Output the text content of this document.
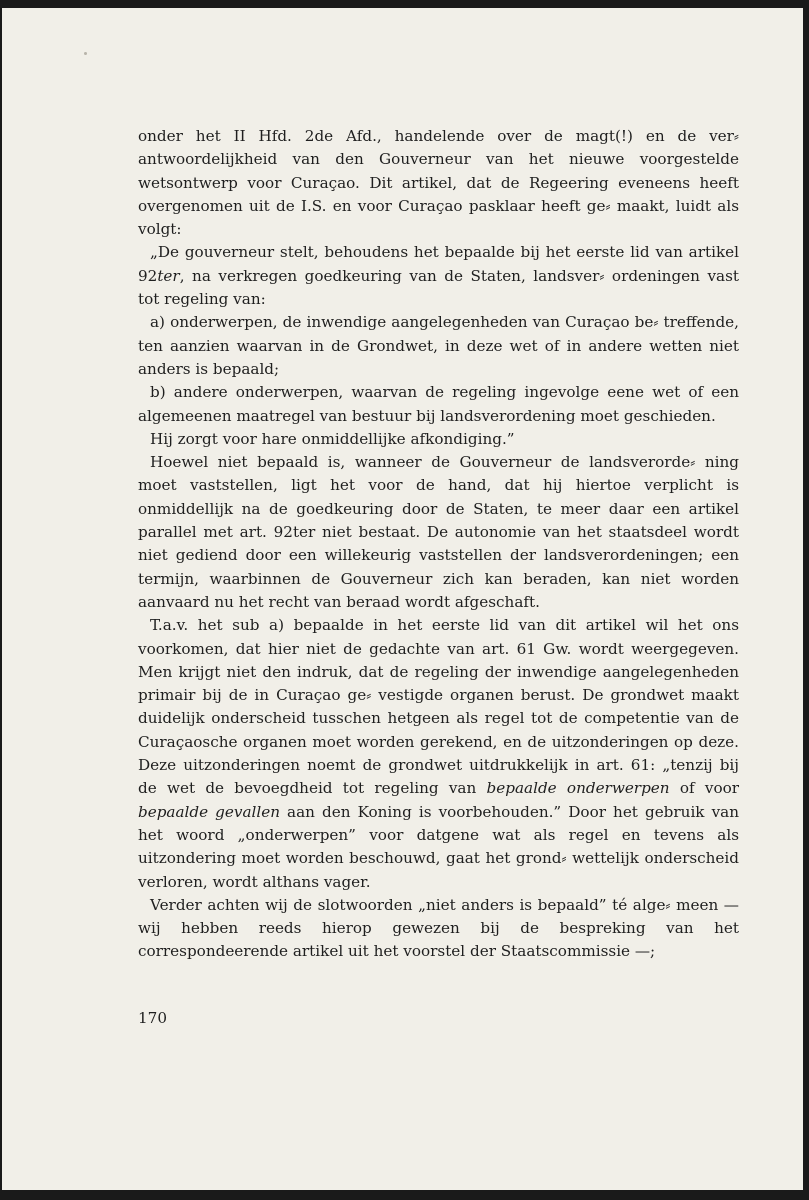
onder het II Hfd. 2de Afd., handelende over de magt(!) en de ver⸗ antwoordelijkheid van den Gouverneur van het nieuwe voorgestelde wetsontwerp voor Curaçao. Dit artikel, dat de Regeering eveneens heeft overgenomen uit de I.S. en voor Curaçao pasklaar heeft ge⸗ maakt, luidt als volgt:

„De gouverneur stelt, behoudens het bepaalde bij het eerste lid van artikel 92ter, na verkregen goedkeuring van de Staten, landsver⸗ ordeningen vast tot regeling van:

a) onderwerpen, de inwendige aangelegenheden van Curaçao be⸗ treffende, ten aanzien waarvan in de Grondwet, in deze wet of in andere wetten niet anders is bepaald;

b) andere onderwerpen, waarvan de regeling ingevolge eene wet of een algemeenen maatregel van bestuur bij landsverordening moet geschieden.

Hij zorgt voor hare onmiddellijke afkondiging.”

Hoewel niet bepaald is, wanneer de Gouverneur de landsverorde⸗ ning moet vaststellen, ligt het voor de hand, dat hij hiertoe verplicht is onmiddellijk na de goedkeuring door de Staten, te meer daar een artikel parallel met art. 92ter niet bestaat. De autonomie van het staatsdeel wordt niet gediend door een willekeurig vaststellen der landsverordeningen; een termijn, waarbinnen de Gouverneur zich kan beraden, kan niet worden aanvaard nu het recht van beraad wordt afgeschaft.

T.a.v. het sub a) bepaalde in het eerste lid van dit artikel wil het ons voorkomen, dat hier niet de gedachte van art. 61 Gw. wordt weergegeven. Men krijgt niet den indruk, dat de regeling der inwendige aangelegenheden primair bij de in Curaçao ge⸗ vestigde organen berust. De grondwet maakt duidelijk onderscheid tusschen hetgeen als regel tot de competentie van de Curaçaosche organen moet worden gerekend, en de uitzonderingen op deze. Deze uitzonderingen noemt de grondwet uitdrukkelijk in art. 61: „tenzij bij de wet de bevoegdheid tot regeling van bepaalde onderwerpen of voor bepaalde gevallen aan den Koning is voorbehouden.” Door het gebruik van het woord „onderwerpen” voor datgene wat als regel en tevens als uitzondering moet worden beschouwd, gaat het grond⸗ wettelijk onderscheid verloren, wordt althans vager.

Verder achten wij de slotwoorden „niet anders is bepaald” té alge⸗ meen — wij hebben reeds hierop gewezen bij de bespreking van het correspondeerende artikel uit het voorstel der Staatscommissie —;

170
